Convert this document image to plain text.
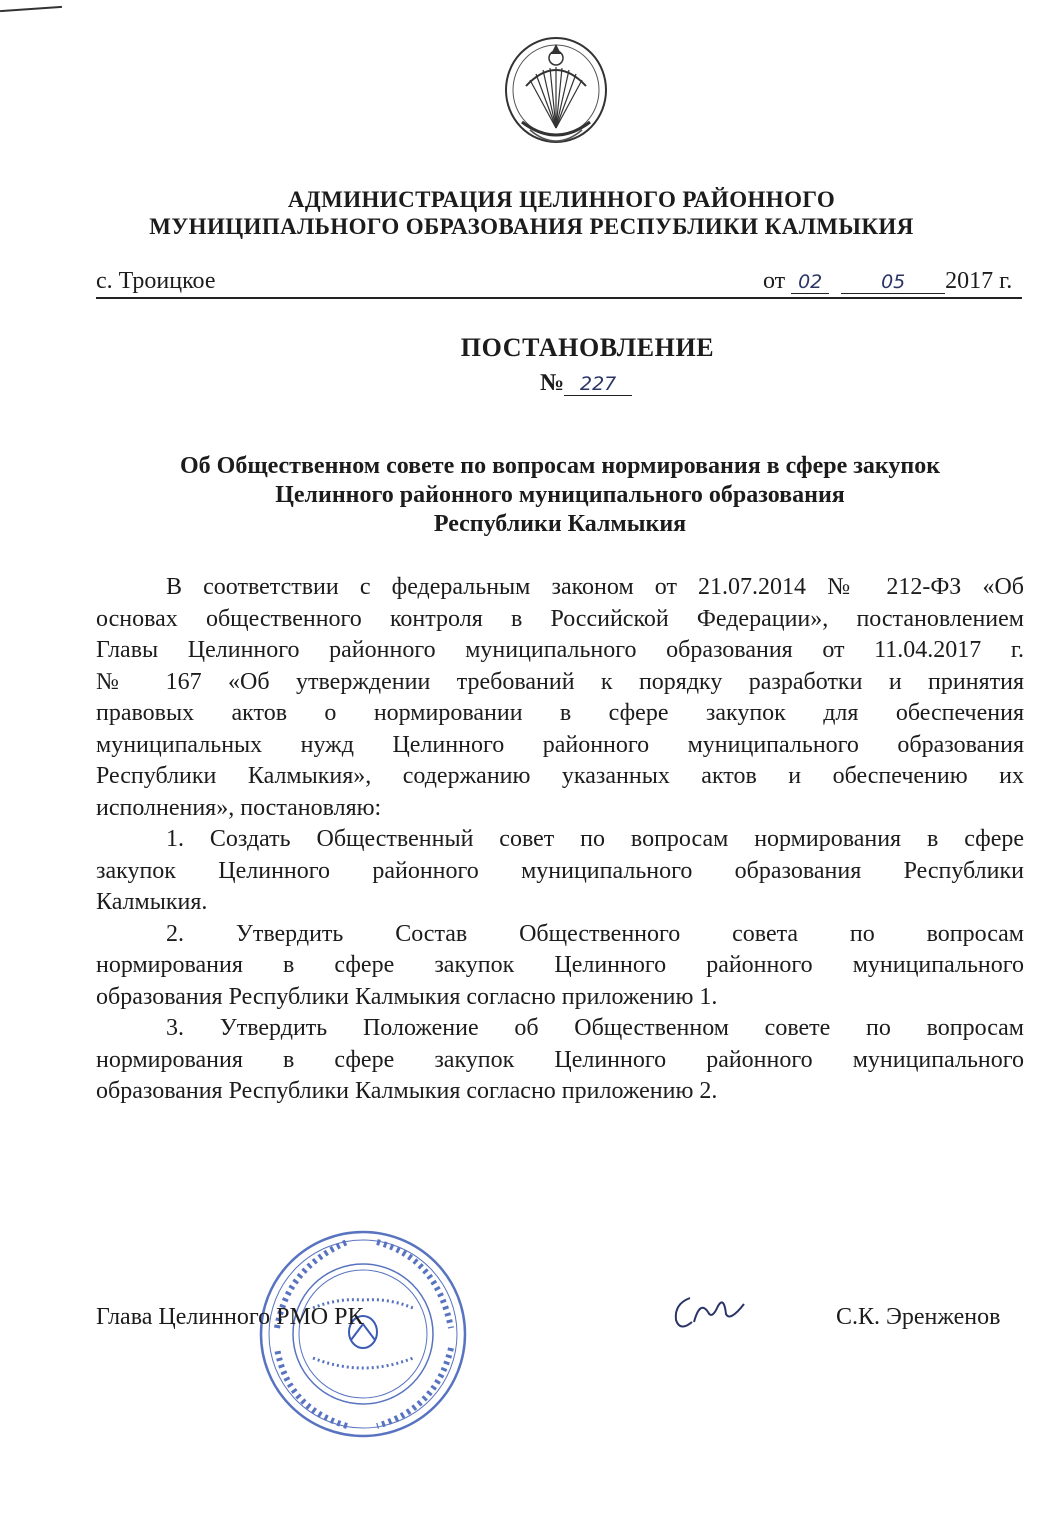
АДМИНИСТРАЦИЯ ЦЕЛИННОГО РАЙОННОГО
МУНИЦИПАЛЬНОГО ОБРАЗОВАНИЯ РЕСПУБЛИКИ КАЛМЫКИЯ
с. Троицкое	от 02	05 2017 г.
ПОСТАНОВЛЕНИЕ
№ 227
Об Общественном совете по вопросам нормирования в сфере закупок
Целинного районного муниципального образования
Республики Калмыкия

В соответствии с федеральным законом от 21.07.2014 № 212-ФЗ «Об

основах общественного контроля в Российской Федерации», постановлением

Главы Целинного районного муниципального образования от 11.04.2017 г.

№ 167 «Об утверждении требований к порядку разработки и принятия

правовых актов о нормировании в сфере закупок для обеспечения

муниципальных нужд Целинного районного муниципального образования

Республики Калмыкия», содержанию указанных актов и обеспечению их

исполнения», постановляю:

1. Создать Общественный совет по вопросам нормирования в сфере

закупок Целинного районного муниципального образования Республики

Калмыкия.

2. Утвердить Состав Общественного совета по вопросам

нормирования в сфере закупок Целинного районного муниципального

образования Республики Калмыкия согласно приложению 1.

3. Утвердить Положение об Общественном совете по вопросам

нормирования в сфере закупок Целинного районного муниципального

образования Республики Калмыкия согласно приложению 2.

Глава Целинного РМО РК	С.К. Эренженов
